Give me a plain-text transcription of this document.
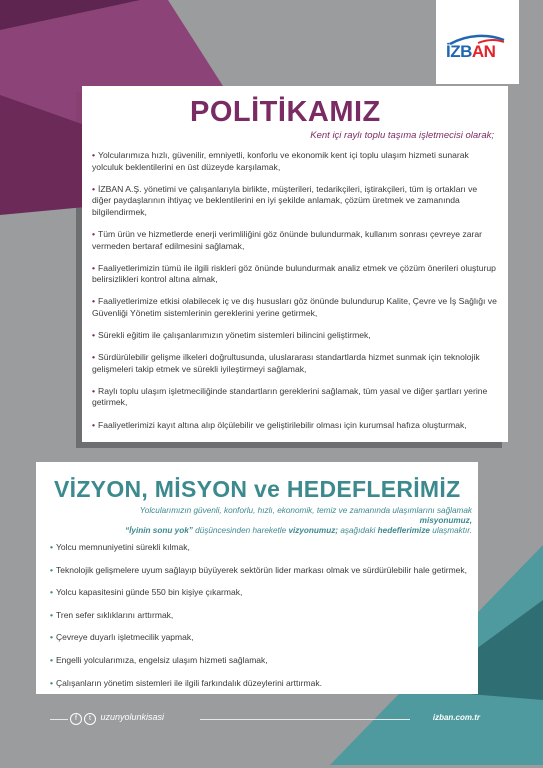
İZBAN
POLİTİKAMIZ
Kent içi raylı toplu taşıma işletmecisi olarak;
• Yolcularımıza hızlı, güvenilir, emniyetli, konforlu ve ekonomik kent içi toplu ulaşım hizmeti sunarak yolculuk beklentilerini en üst düzeyde karşılamak,
• İZBAN A.Ş. yönetimi ve çalışanlarıyla birlikte, müşterileri, tedarikçileri, iştirakçileri, tüm iş ortakları ve diğer paydaşlarının ihtiyaç ve beklentilerini en iyi şekilde anlamak, çözüm üretmek ve zamanında bilgilendirmek,
• Tüm ürün ve hizmetlerde enerji verimliliğini göz önünde bulundurmak, kullanım sonrası çevreye zarar vermeden bertaraf edilmesini sağlamak,
• Faaliyetlerimizin tümü ile ilgili riskleri göz önünde bulundurmak analiz etmek ve çözüm önerileri oluşturup belirsizlikleri kontrol altına almak,
• Faaliyetlerimize etkisi olabilecek iç ve dış hususları göz önünde bulundurup Kalite, Çevre ve İş Sağlığı ve Güvenliği Yönetim sistemlerinin gereklerini yerine getirmek,
• Sürekli eğitim ile çalışanlarımızın yönetim sistemleri bilincini geliştirmek,
• Sürdürülebilir gelişme ilkeleri doğrultusunda, uluslararası standartlarda hizmet sunmak için teknolojik gelişmeleri takip etmek ve sürekli iyileştirmeyi sağlamak,
• Raylı toplu ulaşım işletmeciliğinde standartların gereklerini sağlamak, tüm yasal ve diğer şartları yerine getirmek,
• Faaliyetlerimizi kayıt altına alıp ölçülebilir ve geliştirilebilir olması için kurumsal hafıza oluşturmak,
VİZYON, MİSYON ve HEDEFLERİMİZ
Yolcularımızın güvenli, konforlu, hızlı, ekonomik, temiz ve zamanında ulaşımlarını sağlamak misyonumuz,
“İyinin sonu yok” düşüncesinden hareketle vizyonumuz; aşağıdaki hedeflerimize ulaşmaktır.
• Yolcu memnuniyetini sürekli kılmak,
• Teknolojik gelişmelere uyum sağlayıp büyüyerek sektörün lider markası olmak ve sürdürülebilir hale getirmek,
• Yolcu kapasitesini günde 550 bin kişiye çıkarmak,
• Tren sefer sıklıklarını arttırmak,
• Çevreye duyarlı işletmecilik yapmak,
• Engelli yolcularımıza, engelsiz ulaşım hizmeti sağlamak,
• Çalışanların yönetim sistemleri ile ilgili farkındalık düzeylerini arttırmak.
f t uzunyolunkisasi	izban.com.tr
